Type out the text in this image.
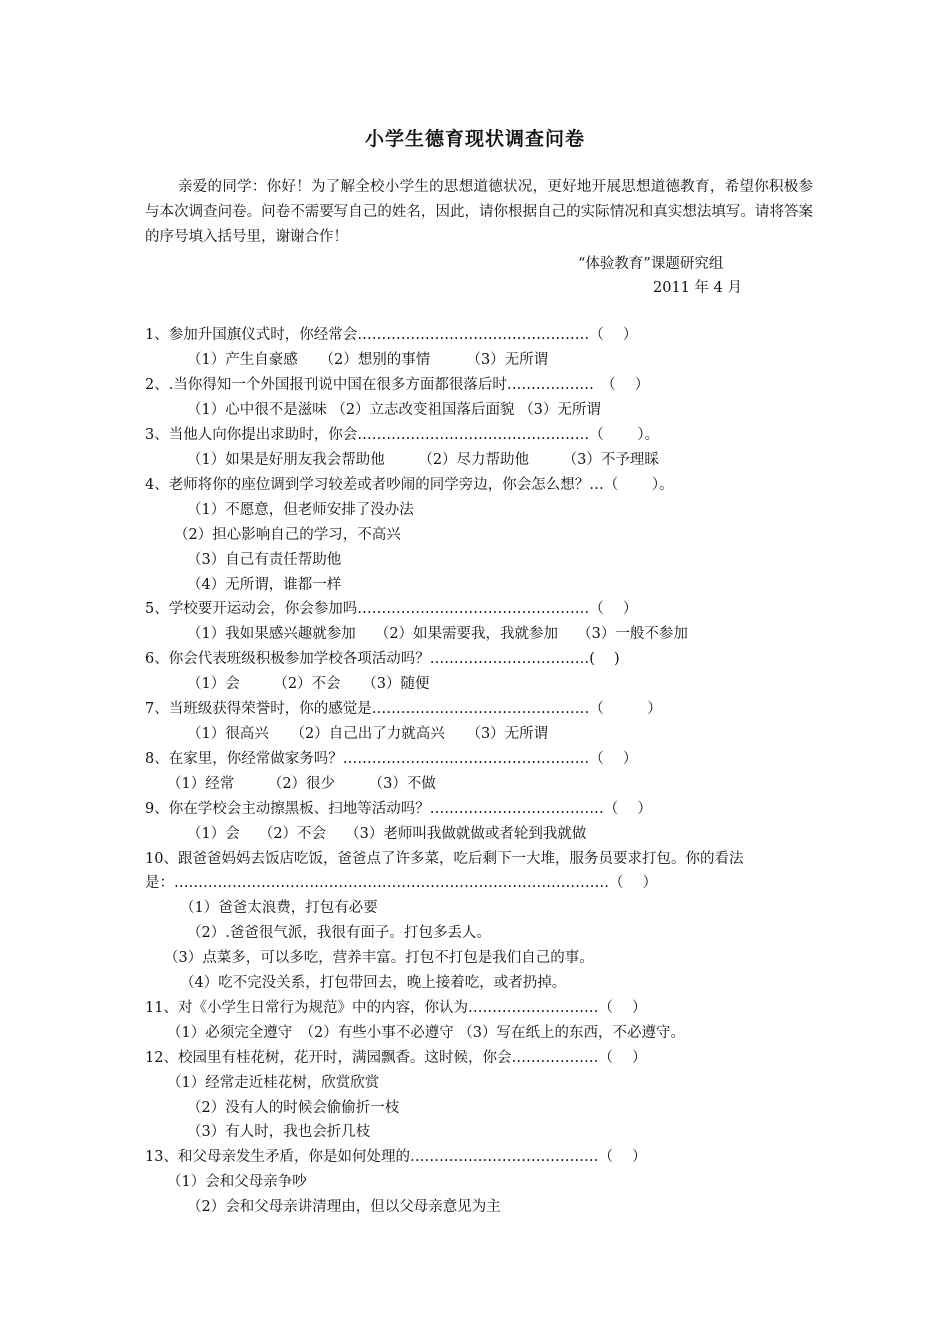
小学生德育现状调查问卷
亲爱的同学：你好！为了解全校小学生的思想道德状况，更好地开展思想道德教育，希望你积极参与本次调查问卷。问卷不需要写自己的姓名，因此，请你根据自己的实际情况和真实想法填写。请将答案的序号填入括号里，谢谢合作！
“体验教育”课题研究组
2011 年 4 月
1、参加升国旗仪式时，你经常会…………………………………………（　 ）
（1）产生自豪感　　（2）想别的事情　　　（3）无所谓
2、.当你得知一个外国报刊说中国在很多方面都很落后时………………　（　 ）
（1）心中很不是滋味 （2）立志改变祖国落后面貌 （3）无所谓
3、当他人向你提出求助时，你会…………………………………………（　　 ）。
（1）如果是好朋友我会帮助他　　 （2）尽力帮助他　　 （3）不予理睬
4、老师将你的座位调到学习较差或者吵闹的同学旁边，你会怎么想？…（　　 ）。
（1）不愿意，但老师安排了没办法
（2）担心影响自己的学习，不高兴
（3）自己有责任帮助他
（4）无所谓，谁都一样
5、学校要开运动会，你会参加吗…………………………………………（　 ）
（1）我如果感兴趣就参加　 （2）如果需要我，我就参加　 （3）一般不参加
6、你会代表班级积极参加学校各项活动吗？……………………………(　 )
（1）会　　 （2）不会　　（3）随便
7、当班级获得荣誉时，你的感觉是………………………………………（　　　）
（1）很高兴　　（2）自己出了力就高兴　　（3）无所谓
8、在家里，你经常做家务吗？……………………………………………（　 ）
（1）经常　　 （2）很少　　 （3）不做
9、你在学校会主动擦黑板、扫地等活动吗？………………………………（　 ）
（1）会　 （2）不会　 （3）老师叫我做就做或者轮到我就做
10、跟爸爸妈妈去饭店吃饭，爸爸点了许多菜，吃后剩下一大堆，服务员要求打包。你的看法
是：………………………………………………………………………………（　 ）
（1）爸爸太浪费，打包有必要
（2）.爸爸很气派，我很有面子。打包多丢人。
（3）点菜多，可以多吃，营养丰富。打包不打包是我们自己的事。
（4）吃不完没关系，打包带回去，晚上接着吃，或者扔掉。
11、对《小学生日常行为规范》中的内容，你认为………………………（　 ）
（1）必须完全遵守　（2）有些小事不必遵守 （3）写在纸上的东西，不必遵守。
12、校园里有桂花树，花开时，满园飘香。这时候，你会………………（　 ）
（1）经常走近桂花树，欣赏欣赏
（2）没有人的时候会偷偷折一枝
（3）有人时，我也会折几枝
13、和父母亲发生矛盾，你是如何处理的…………………………………（　 ）
（1）会和父母亲争吵
（2）会和父母亲讲清理由，但以父母亲意见为主
